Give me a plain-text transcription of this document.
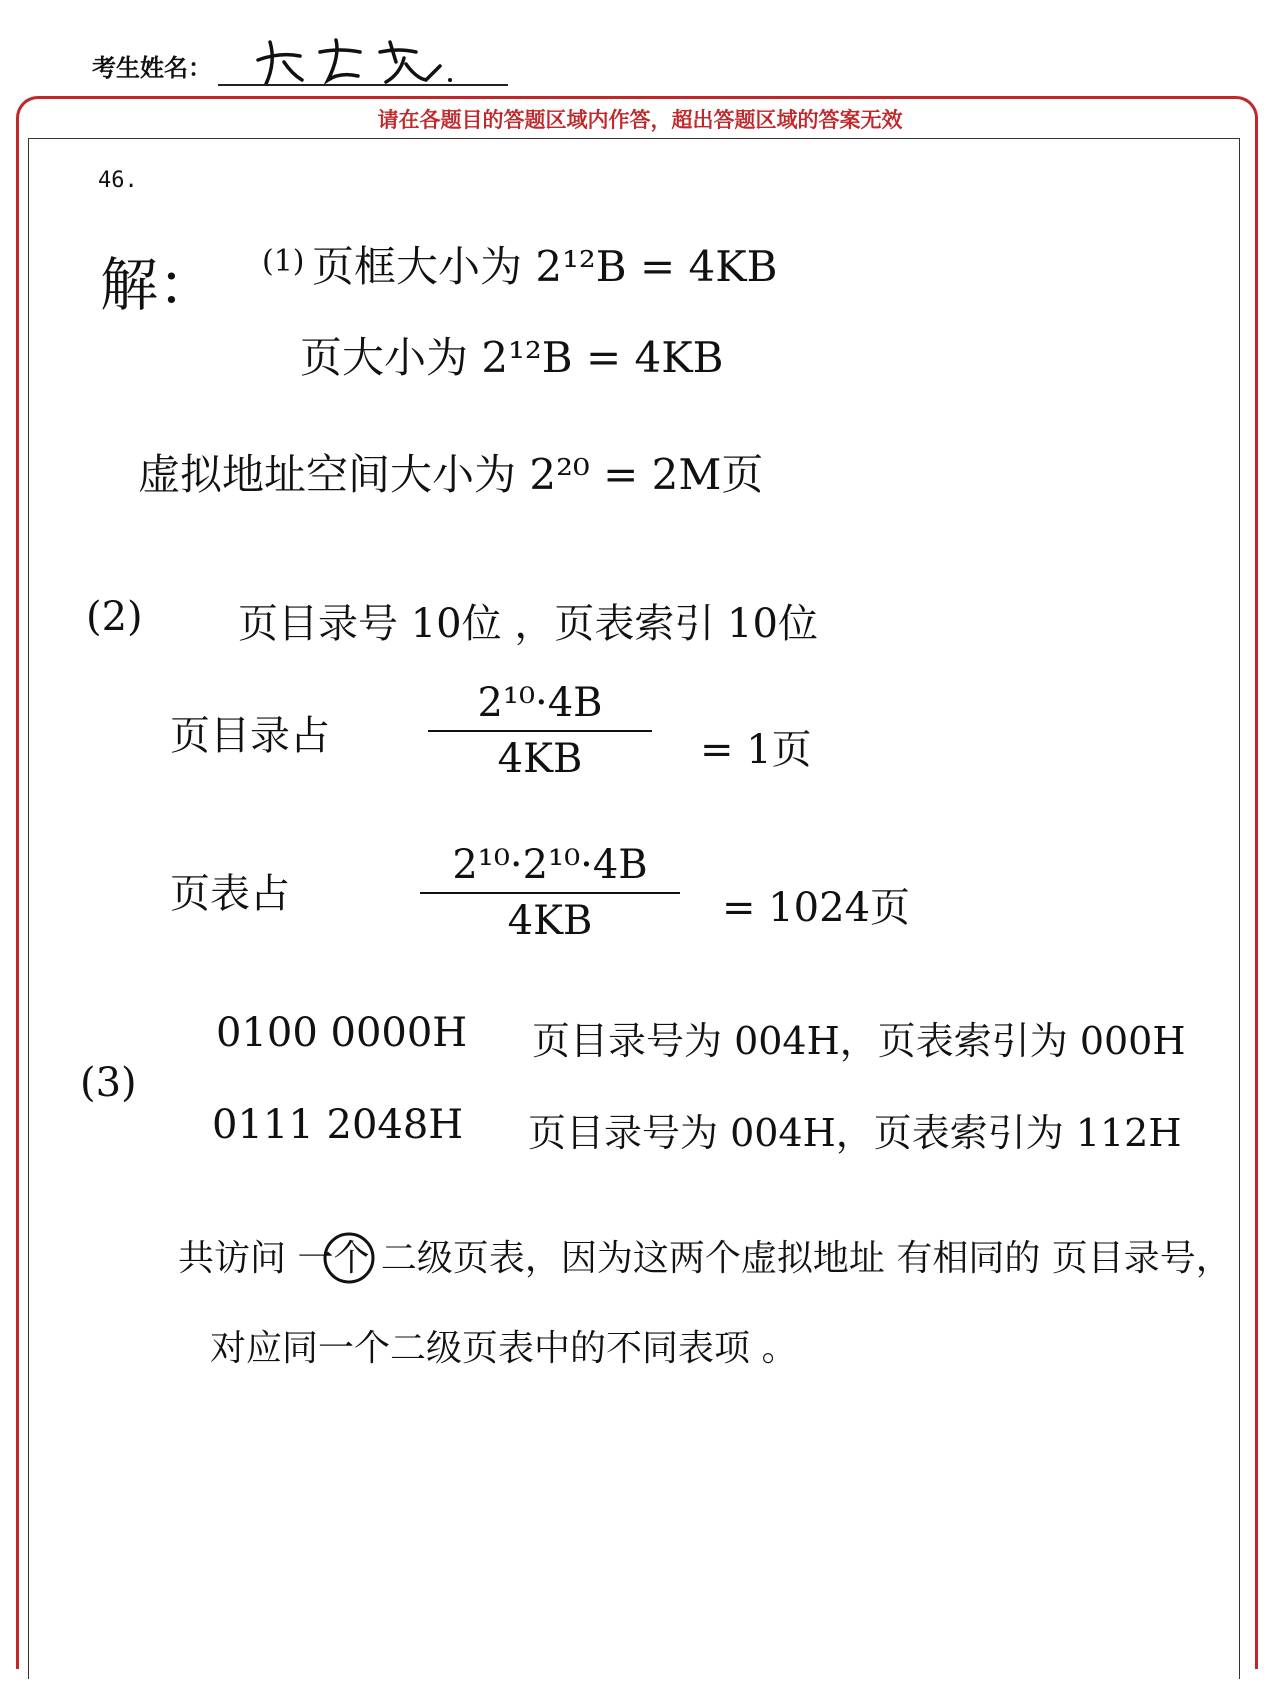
考生姓名：
请在各题目的答题区域内作答，超出答题区域的答案无效
46.
解： (1) 页框大小为 2¹²B = 4KB
页大小为 2¹²B = 4KB
虚拟地址空间大小为 2²⁰ = 2M页
(2) 页目录号 10位 ，页表索引 10位
页目录占
2¹⁰·4B
4KB	= 1页
页表占
2¹⁰·2¹⁰·4B
4KB	= 1024页
(3)
0100 0000H 页目录号为 004H，页表索引为 000H
0111 2048H 页目录号为 004H，页表索引为 112H
共访问 一个 二级页表，因为这两个虚拟地址 有相同的 页目录号，
对应同一个二级页表中的不同表项 。
